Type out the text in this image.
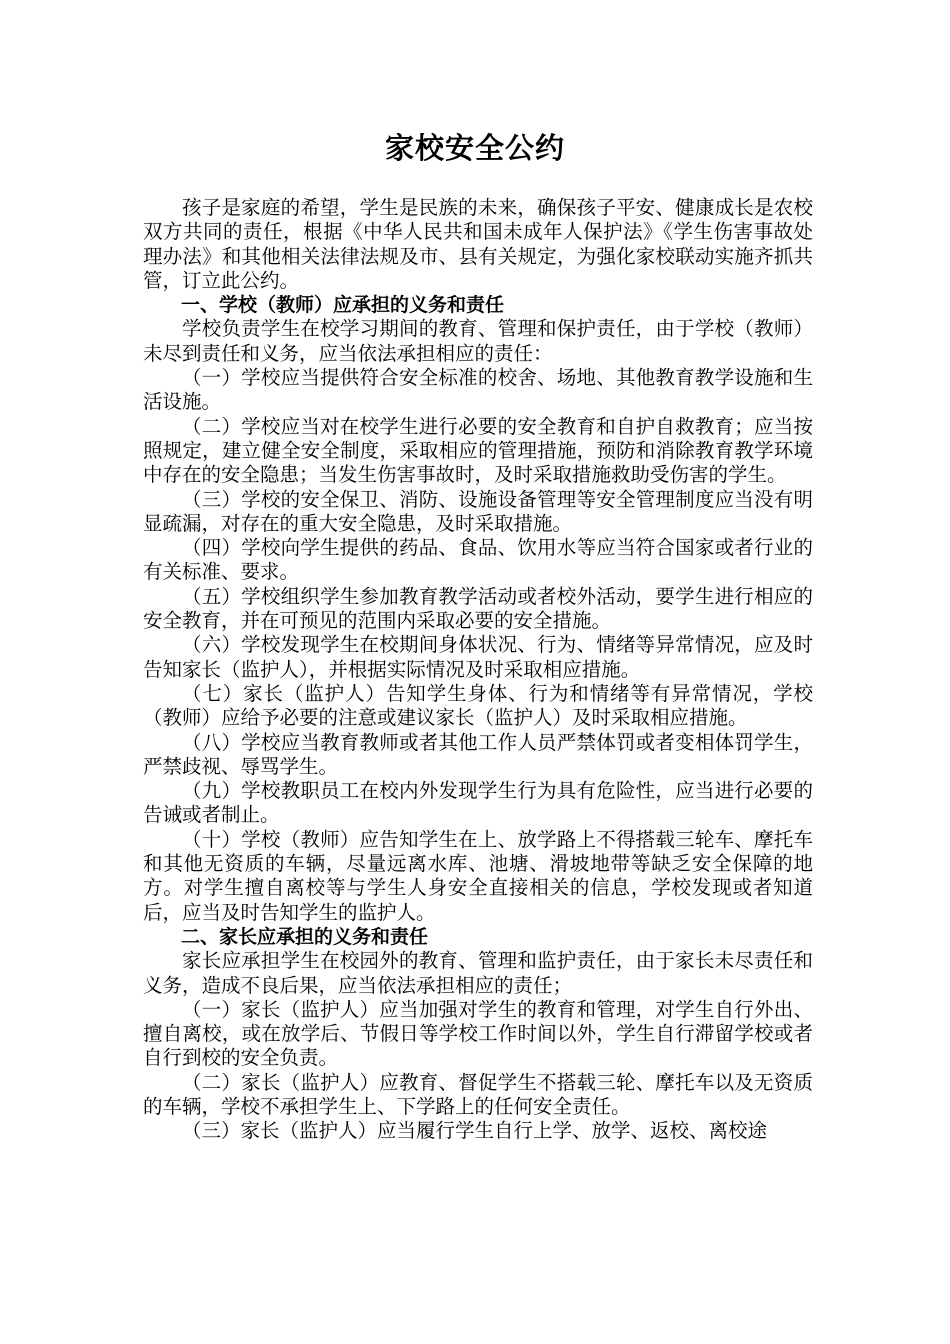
家校安全公约

孩子是家庭的希望，学生是民族的未来，确保孩子平安、健康成长是农校双方共同的责任，根据《中华人民共和国未成年人保护法》《学生伤害事故处理办法》和其他相关法律法规及市、县有关规定，为强化家校联动实施齐抓共管，订立此公约。

一、学校（教师）应承担的义务和责任

学校负责学生在校学习期间的教育、管理和保护责任，由于学校（教师）未尽到责任和义务，应当依法承担相应的责任：

（一）学校应当提供符合安全标准的校舍、场地、其他教育教学设施和生活设施。

（二）学校应当对在校学生进行必要的安全教育和自护自救教育；应当按照规定，建立健全安全制度，采取相应的管理措施，预防和消除教育教学环境中存在的安全隐患；当发生伤害事故时，及时采取措施救助受伤害的学生。

（三）学校的安全保卫、消防、设施设备管理等安全管理制度应当没有明显疏漏，对存在的重大安全隐患，及时采取措施。

（四）学校向学生提供的药品、食品、饮用水等应当符合国家或者行业的有关标准、要求。

（五）学校组织学生参加教育教学活动或者校外活动，要学生进行相应的安全教育，并在可预见的范围内采取必要的安全措施。

（六）学校发现学生在校期间身体状况、行为、情绪等异常情况，应及时告知家长（监护人），并根据实际情况及时采取相应措施。

（七）家长（监护人）告知学生身体、行为和情绪等有异常情况，学校（教师）应给予必要的注意或建议家长（监护人）及时采取相应措施。

（八）学校应当教育教师或者其他工作人员严禁体罚或者变相体罚学生，严禁歧视、辱骂学生。

（九）学校教职员工在校内外发现学生行为具有危险性，应当进行必要的告诫或者制止。

（十）学校（教师）应告知学生在上、放学路上不得搭载三轮车、摩托车和其他无资质的车辆，尽量远离水库、池塘、滑坡地带等缺乏安全保障的地方。对学生擅自离校等与学生人身安全直接相关的信息，学校发现或者知道后，应当及时告知学生的监护人。

二、家长应承担的义务和责任

家长应承担学生在校园外的教育、管理和监护责任，由于家长未尽责任和义务，造成不良后果，应当依法承担相应的责任；

（一）家长（监护人）应当加强对学生的教育和管理，对学生自行外出、擅自离校，或在放学后、节假日等学校工作时间以外，学生自行滞留学校或者自行到校的安全负责。

（二）家长（监护人）应教育、督促学生不搭载三轮、摩托车以及无资质的车辆，学校不承担学生上、下学路上的任何安全责任。

（三）家长（监护人）应当履行学生自行上学、放学、返校、离校途
